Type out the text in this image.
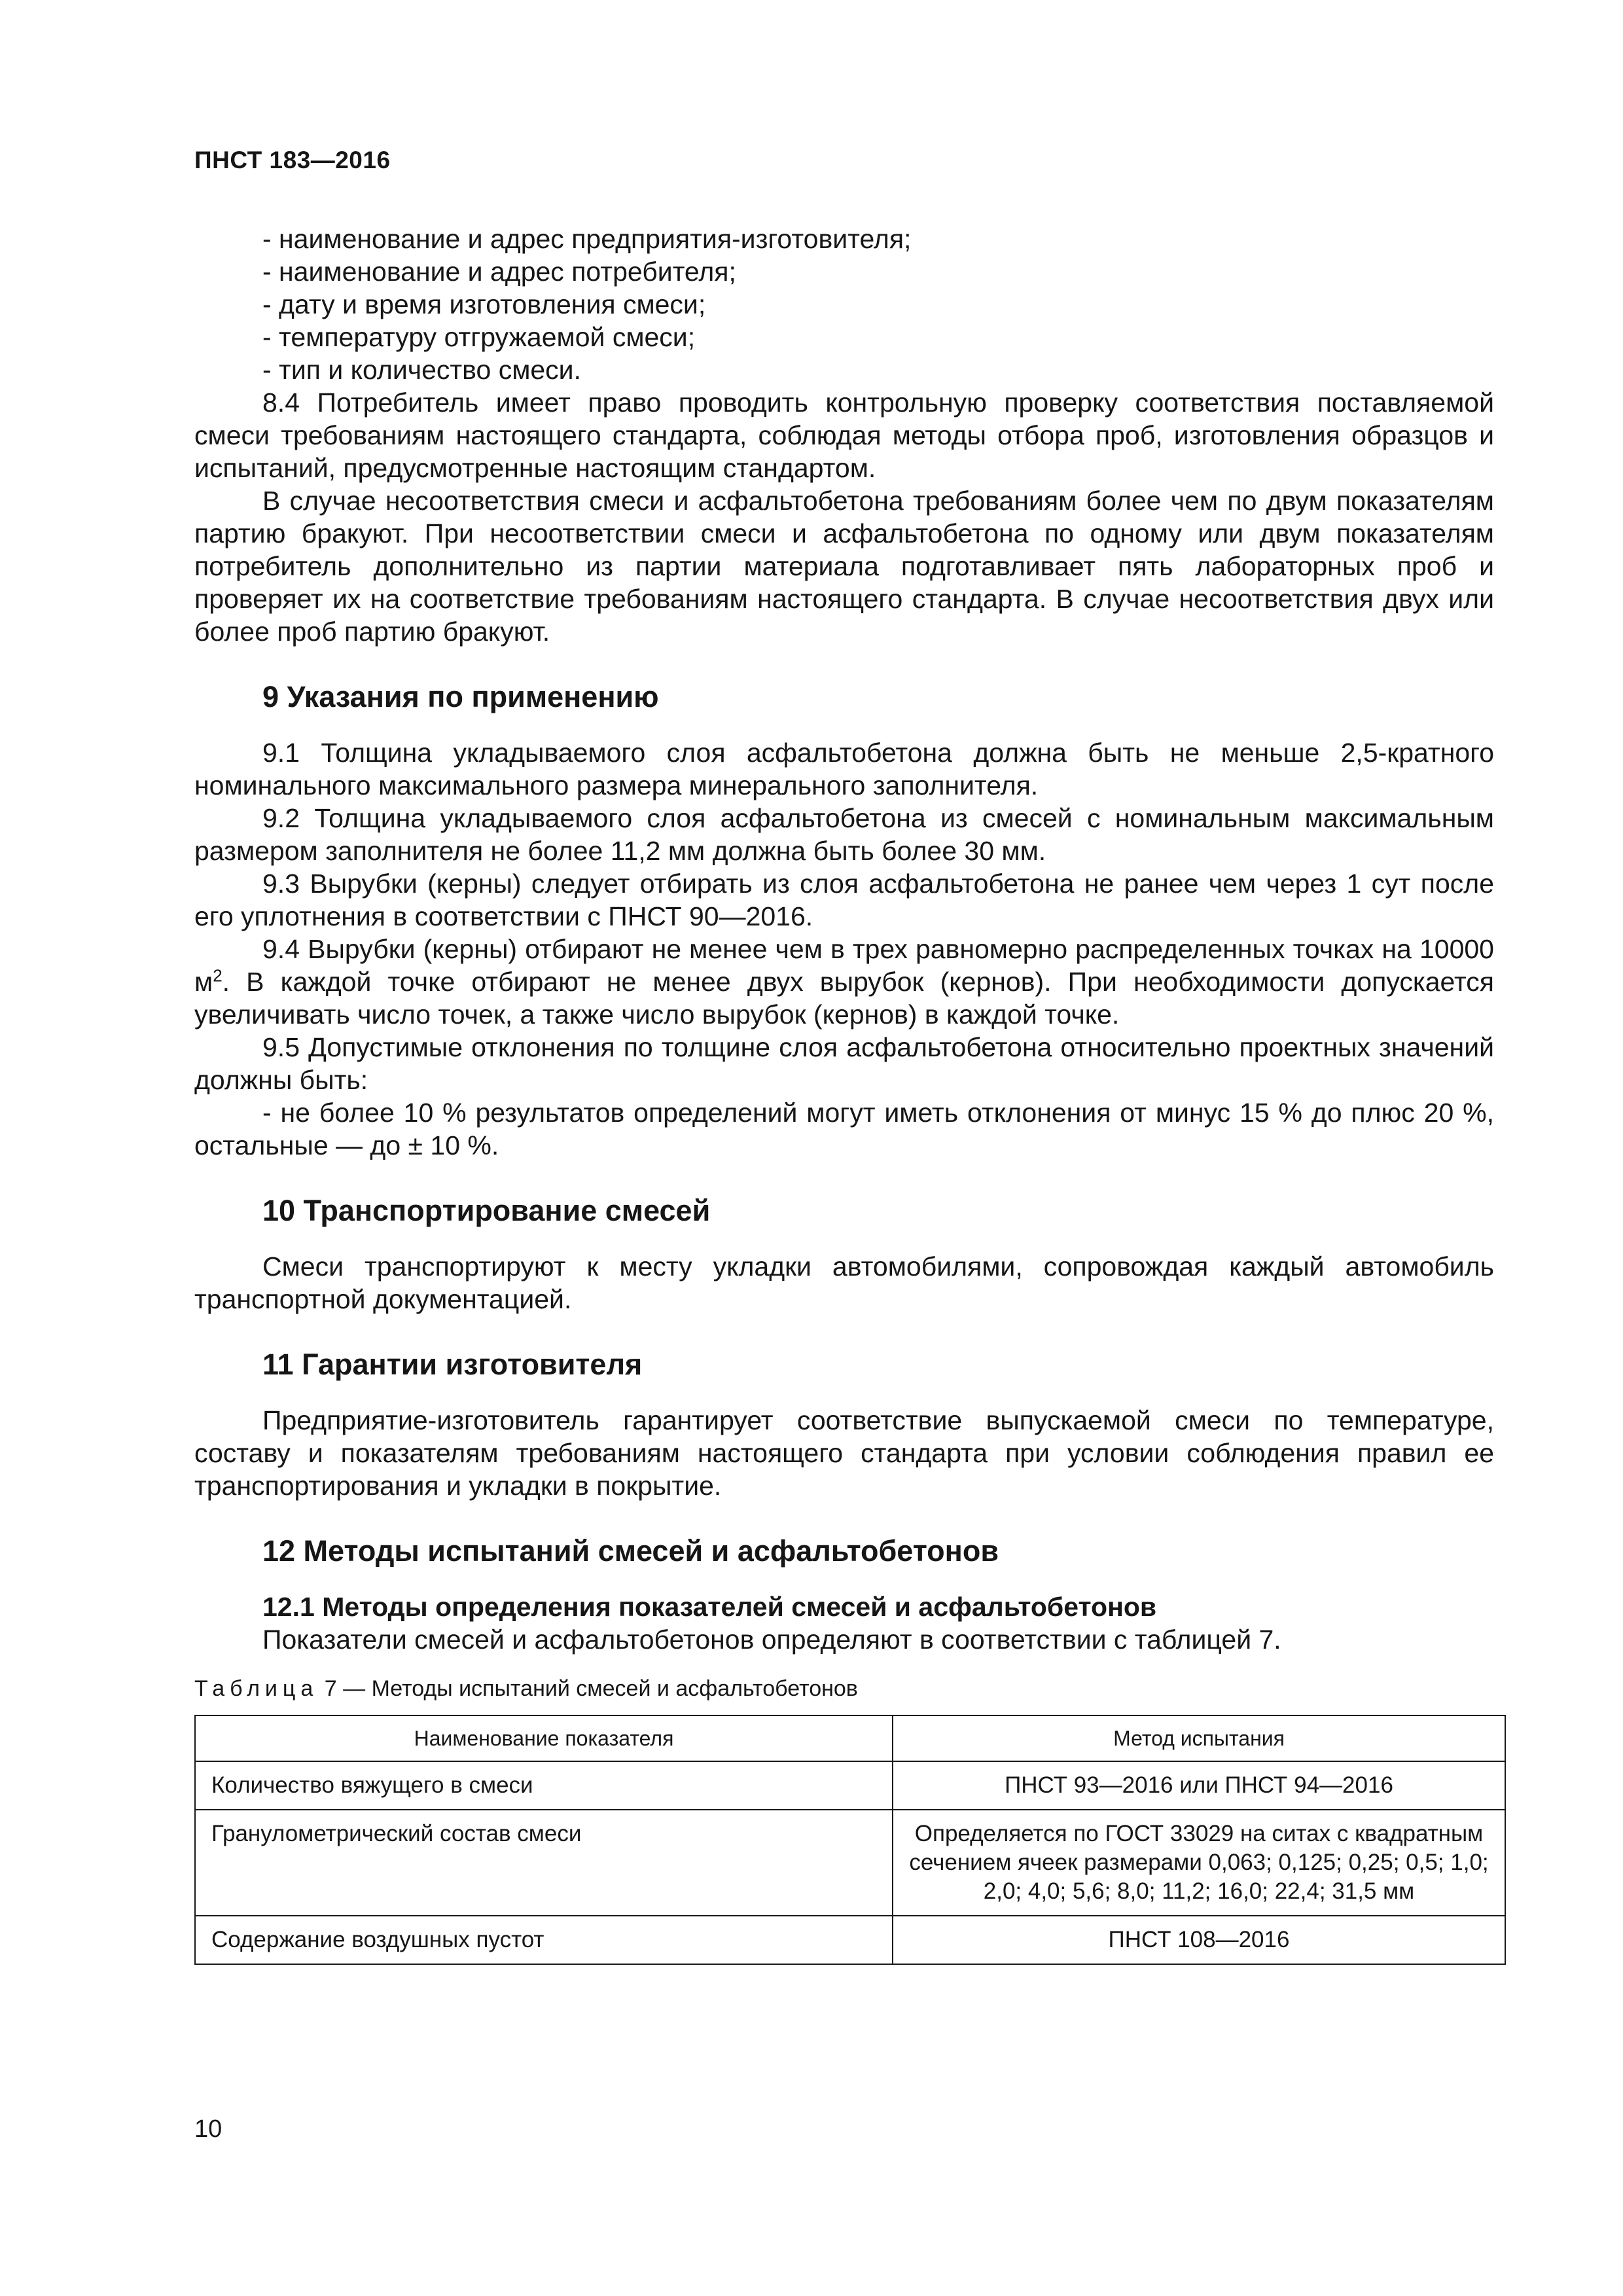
ПНСТ 183—2016

- наименование и адрес предприятия-изготовителя;

- наименование и адрес потребителя;

- дату и время изготовления смеси;

- температуру отгружаемой смеси;

- тип и количество смеси.

8.4 Потребитель имеет право проводить контрольную проверку соответствия поставляемой смеси требованиям настоящего стандарта, соблюдая методы отбора проб, изготовления образцов и испытаний, предусмотренные настоящим стандартом.

В случае несоответствия смеси и асфальтобетона требованиям более чем по двум показателям партию бракуют. При несоответствии смеси и асфальтобетона по одному или двум показателям потребитель дополнительно из партии материала подготавливает пять лабораторных проб и проверяет их на соответствие требованиям настоящего стандарта. В случае несоответствия двух или более проб партию бракуют.

9 Указания по применению

9.1 Толщина укладываемого слоя асфальтобетона должна быть не меньше 2,5-кратного номинального максимального размера минерального заполнителя.

9.2 Толщина укладываемого слоя асфальтобетона из смесей с номинальным максимальным размером заполнителя не более 11,2 мм должна быть более 30 мм.

9.3 Вырубки (керны) следует отбирать из слоя асфальтобетона не ранее чем через 1 сут после его уплотнения в соответствии с ПНСТ 90—2016.

9.4 Вырубки (керны) отбирают не менее чем в трех равномерно распределенных точках на 10000 $м^2$. В каждой точке отбирают не менее двух вырубок (кернов). При необходимости допускается увеличивать число точек, а также число вырубок (кернов) в каждой точке.

9.5 Допустимые отклонения по толщине слоя асфальтобетона относительно проектных значений должны быть:

- не более 10 % результатов определений могут иметь отклонения от минус 15 % до плюс 20 %, остальные — до ± 10 %.

10 Транспортирование смесей

Смеси транспортируют к месту укладки автомобилями, сопровождая каждый автомобиль транспортной документацией.

11 Гарантии изготовителя

Предприятие-изготовитель гарантирует соответствие выпускаемой смеси по температуре, составу и показателям требованиям настоящего стандарта при условии соблюдения правил ее транспортирования и укладки в покрытие.

12 Методы испытаний смесей и асфальтобетонов

12.1 Методы определения показателей смесей и асфальтобетонов

Показатели смесей и асфальтобетонов определяют в соответствии с таблицей 7.

Таблица 7 — Методы испытаний смесей и асфальтобетонов
Наименование показателя	Метод испытания
Количество вяжущего в смеси	ПНСТ 93—2016 или ПНСТ 94—2016
Гранулометрический состав смеси	Определяется по ГОСТ 33029 на ситах с квадратным сечением ячеек размерами 0,063; 0,125; 0,25; 0,5; 1,0; 2,0; 4,0; 5,6; 8,0; 11,2; 16,0; 22,4; 31,5 мм
Содержание воздушных пустот	ПНСТ 108—2016
10
